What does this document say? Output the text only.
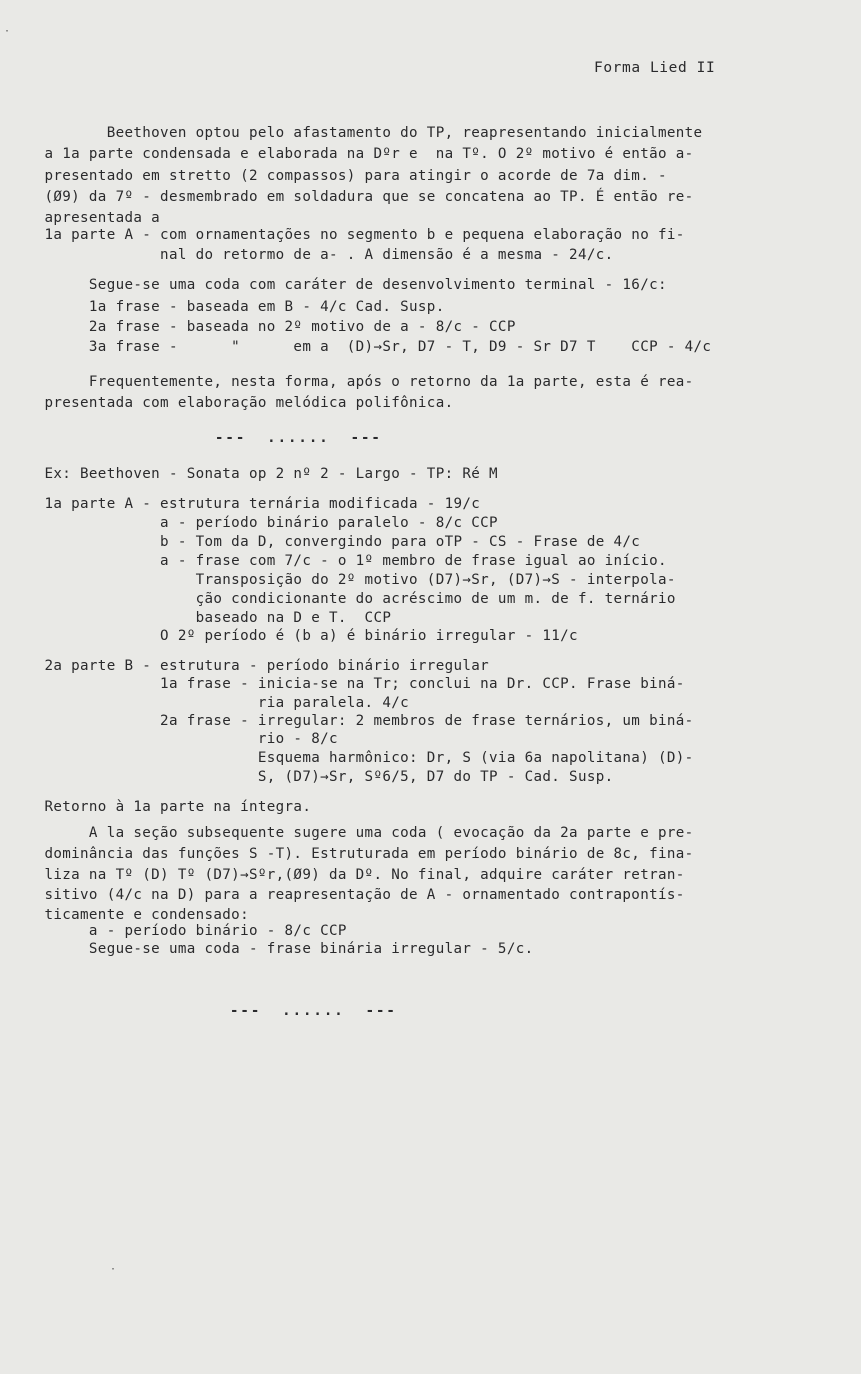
Forma Lied II
Beethoven optou pelo afastamento do TP, reapresentando inicialmente
a 1a parte condensada e elaborada na Dºr e  na Tº. O 2º motivo é então a-
presentado em stretto (2 compassos) para atingir o acorde de 7a dim. -
(Ø9) da 7º - desmembrado em soldadura que se concatena ao TP. É então re-
apresentada a
1a parte A - com ornamentações no segmento b e pequena elaboração no fi-
nal do retormo de a- . A dimensão é a mesma - 24/c.
Segue-se uma coda com caráter de desenvolvimento terminal - 16/c:
1a frase - baseada em B - 4/c Cad. Susp.
2a frase - baseada no 2º motivo de a - 8/c - CCP
3a frase -      "      em a  (D)→Sr, D7 - T, D9 - Sr D7 T    CCP - 4/c
Frequentemente, nesta forma, após o retorno da 1a parte, esta é rea-
presentada com elaboração melódica polifônica.
---  ......  ---
Ex: Beethoven - Sonata op 2 nº 2 - Largo - TP: Ré M
1a parte A - estrutura ternária modificada - 19/c
a - período binário paralelo - 8/c CCP
b - Tom da D, convergindo para oTP - CS - Frase de 4/c
a - frase com 7/c - o 1º membro de frase igual ao início.
Transposição do 2º motivo (D7)→Sr, (D7)→S - interpola-
ção condicionante do acréscimo de um m. de f. ternário
baseado na D e T.  CCP
O 2º período é (b a) é binário irregular - 11/c
2a parte B - estrutura - período binário irregular
1a frase - inicia-se na Tr; conclui na Dr. CCP. Frase biná-
ria paralela. 4/c
2a frase - irregular: 2 membros de frase ternários, um biná-
rio - 8/c
Esquema harmônico: Dr, S (via 6a napolitana) (D)-
S, (D7)→Sr, Sº6/5, D7 do TP - Cad. Susp.
Retorno à 1a parte na íntegra.
A la seção subsequente sugere uma coda ( evocação da 2a parte e pre-
dominância das funções S -T). Estruturada em período binário de 8c, fina-
liza na Tº (D) Tº (D7)→Sºr,(Ø9) da Dº. No final, adquire caráter retran-
sitivo (4/c na D) para a reapresentação de A - ornamentado contrapontís-
ticamente e condensado:
a - período binário - 8/c CCP
Segue-se uma coda - frase binária irregular - 5/c.
---  ......  ---
·
·
